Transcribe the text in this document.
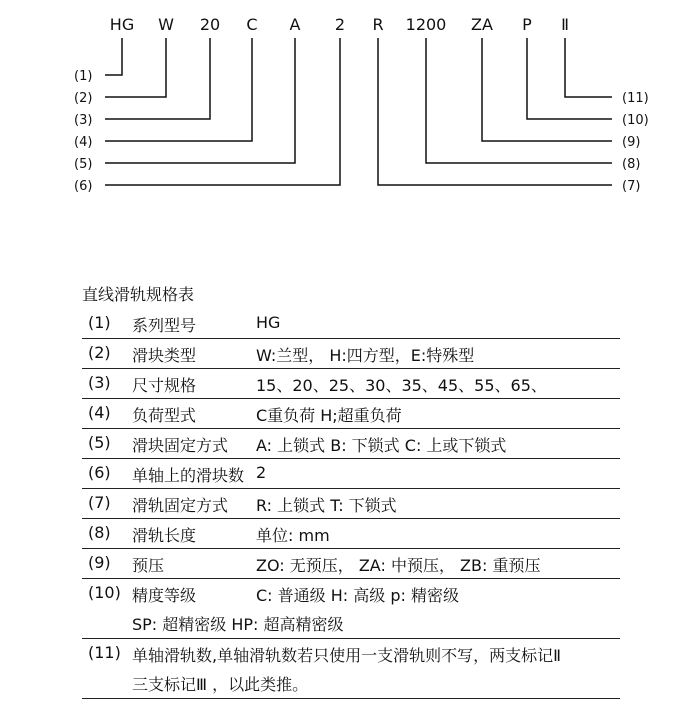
HG W 20 C A 2 R 1200 ZA P Ⅱ
(1)
(2)
(3)
(4)
(5)
(6)
(11)
(10)
(9)
(8)
(7)
直线滑轨规格表
(1) 系列型号	HG
(2) 滑块类型	W:兰型， H:四方型，E:特殊型
(3) 尺寸规格	15、20、25、30、35、45、55、65、
(4) 负荷型式	C重负荷 H;超重负荷
(5) 滑块固定方式 A: 上锁式 B: 下锁式 C: 上或下锁式
(6) 单轴上的滑块数 2
(7) 滑轨固定方式 R: 上锁式 T: 下锁式
(8) 滑轨长度	单位: mm
(9) 预压	ZO: 无预压， ZA: 中预压， ZB: 重预压
(10) 精度等级	C: 普通级 H: 高级 p: 精密级
SP: 超精密级 HP: 超高精密级
(11) 单轴滑轨数,单轴滑轨数若只使用一支滑轨则不写，两支标记Ⅱ
三支标记Ⅲ ，以此类推。
